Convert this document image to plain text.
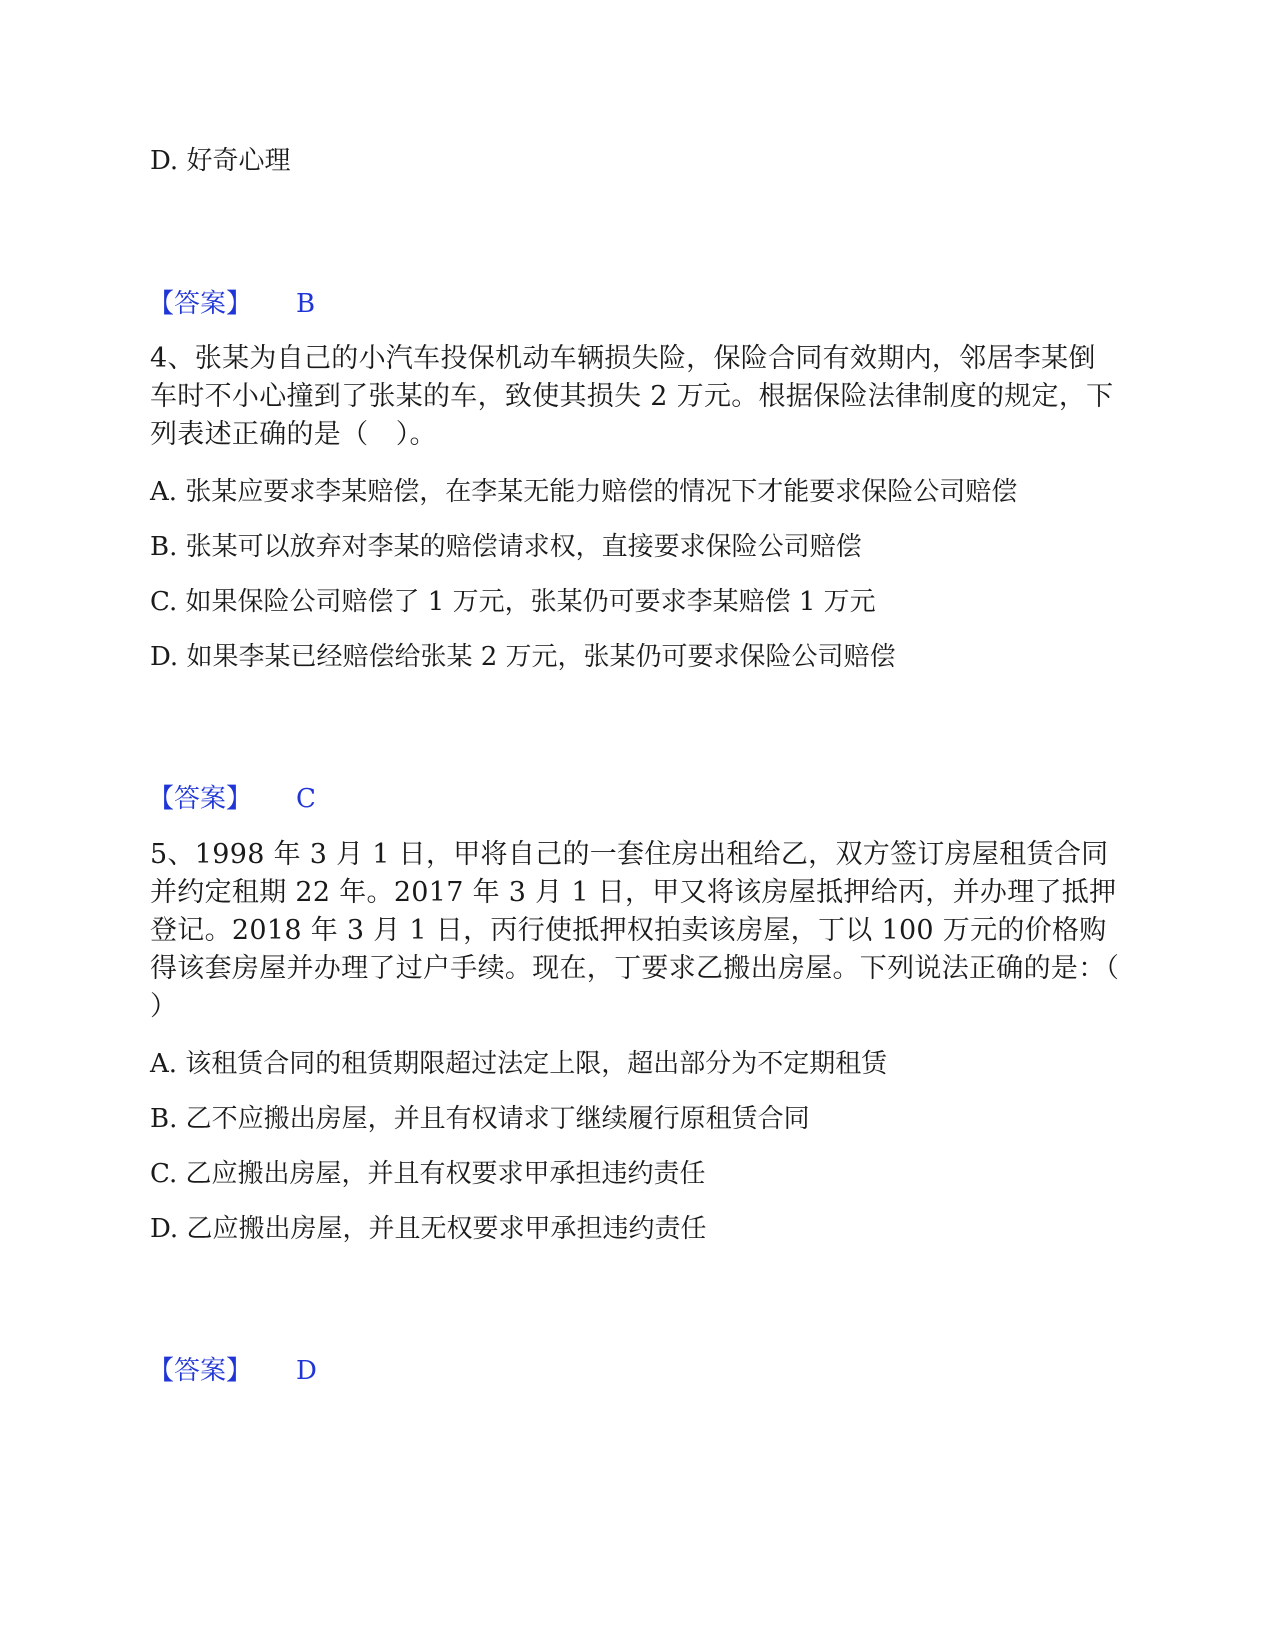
D. 好奇心理
【答案】 B
4、张某为自己的小汽车投保机动车辆损失险，保险合同有效期内，邻居李某倒车时不小心撞到了张某的车，致使其损失 2 万元。根据保险法律制度的规定，下列表述正确的是（　）。
A. 张某应要求李某赔偿，在李某无能力赔偿的情况下才能要求保险公司赔偿
B. 张某可以放弃对李某的赔偿请求权，直接要求保险公司赔偿
C. 如果保险公司赔偿了 1 万元，张某仍可要求李某赔偿 1 万元
D. 如果李某已经赔偿给张某 2 万元，张某仍可要求保险公司赔偿
【答案】 C
5、1998 年 3 月 1 日，甲将自己的一套住房出租给乙，双方签订房屋租赁合同并约定租期 22 年。2017 年 3 月 1 日，甲又将该房屋抵押给丙，并办理了抵押登记。2018 年 3 月 1 日，丙行使抵押权拍卖该房屋，丁以 100 万元的价格购得该套房屋并办理了过户手续。现在，丁要求乙搬出房屋。下列说法正确的是：（ ）
A. 该租赁合同的租赁期限超过法定上限，超出部分为不定期租赁
B. 乙不应搬出房屋，并且有权请求丁继续履行原租赁合同
C. 乙应搬出房屋，并且有权要求甲承担违约责任
D. 乙应搬出房屋，并且无权要求甲承担违约责任
【答案】 D
